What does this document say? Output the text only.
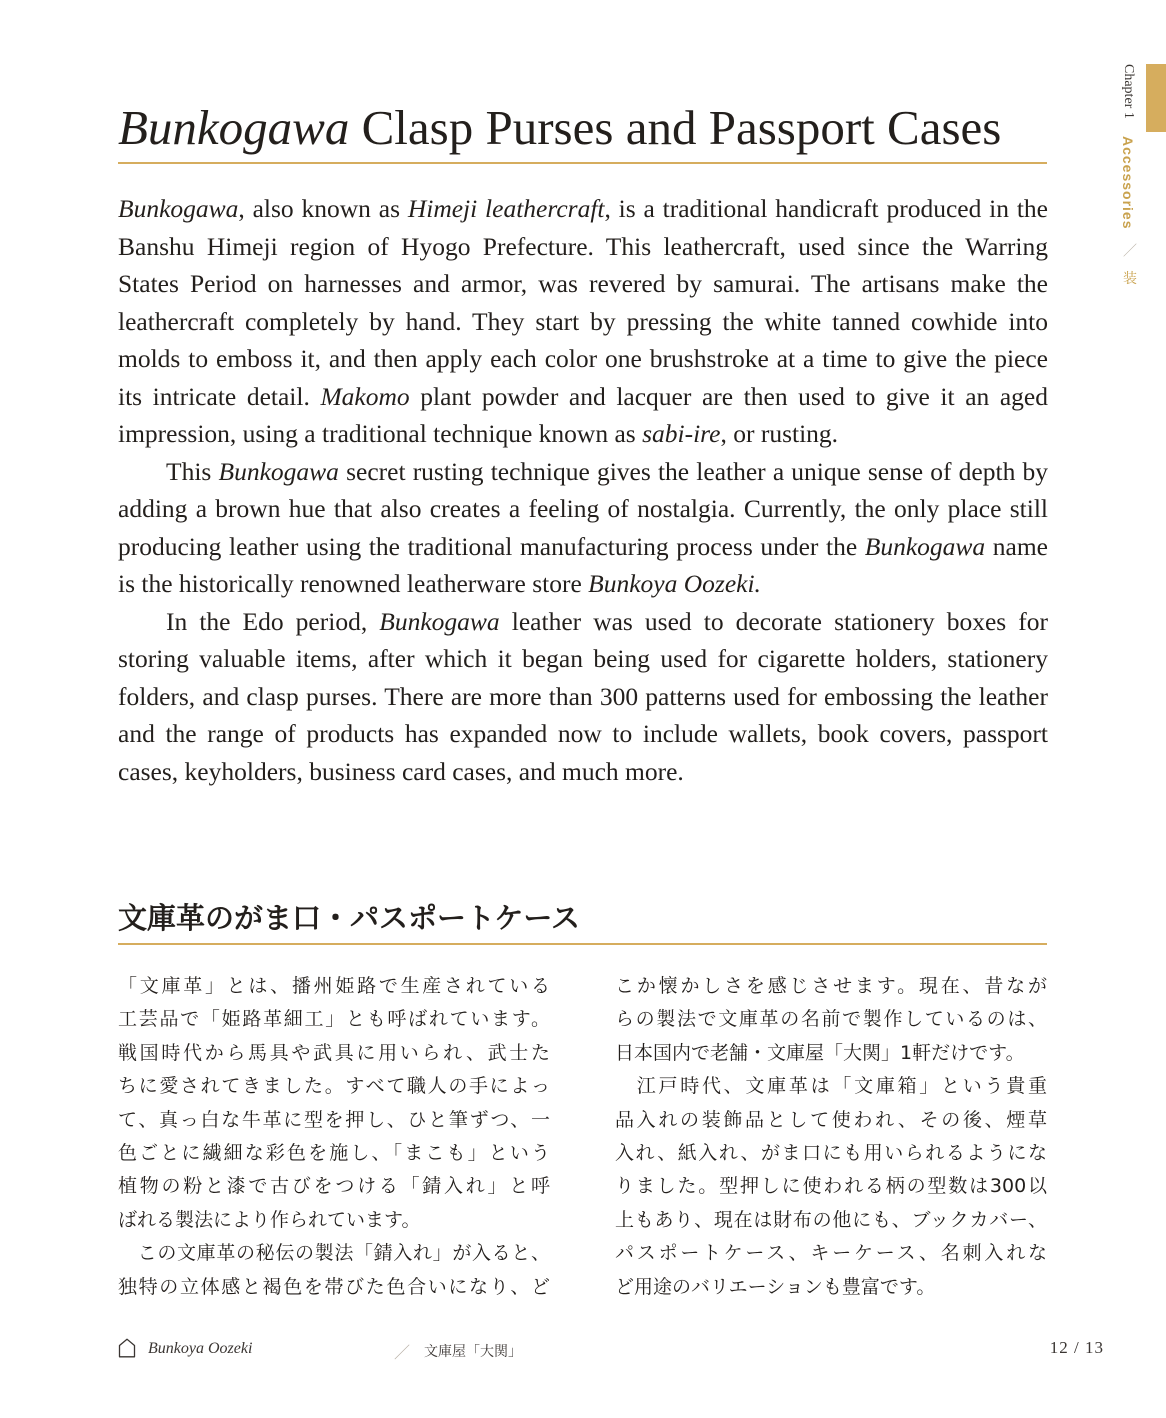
Chapter 1 Accessories ／ 装
Bunkogawa Clasp Purses and Passport Cases

Bunkogawa, also known as Himeji leathercraft, is a traditional handicraft produced in the Banshu Himeji region of Hyogo Prefecture. This leathercraft, used since the Warring States Period on harnesses and armor, was revered by samurai. The artisans make the leathercraft completely by hand. They start by pressing the white tanned cowhide into molds to emboss it, and then apply each color one brushstroke at a time to give the piece its intricate detail. Makomo plant powder and lacquer are then used to give it an aged impression, using a traditional technique known as sabi-ire, or rusting.

This Bunkogawa secret rusting technique gives the leather a unique sense of depth by adding a brown hue that also creates a feeling of nostalgia. Currently, the only place still producing leather using the traditional manufacturing process under the Bunkogawa name is the historically renowned leatherware store Bunkoya Oozeki.

In the Edo period, Bunkogawa leather was used to decorate stationery boxes for storing valuable items, after which it began being used for cigarette holders, stationery folders, and clasp purses. There are more than 300 patterns used for embossing the leather and the range of products has expanded now to include wallets, book covers, passport cases, keyholders, business card cases, and much more.

文庫革のがま口・パスポートケース
「文庫革」とは、播州姫路で生産されている
工芸品で「姫路革細工」とも呼ばれています。
戦国時代から馬具や武具に用いられ、武士た
ちに愛されてきました。すべて職人の手によっ
て、真っ白な牛革に型を押し、ひと筆ずつ、一
色ごとに繊細な彩色を施し、「まこも」という
植物の粉と漆で古びをつける「錆入れ」と呼
ばれる製法により作られています。
　この文庫革の秘伝の製法「錆入れ」が入ると、
独特の立体感と褐色を帯びた色合いになり、ど
こか懐かしさを感じさせます。現在、昔なが
らの製法で文庫革の名前で製作しているのは、
日本国内で老舗・文庫屋「大関」1軒だけです。
　江戸時代、文庫革は「文庫箱」という貴重
品入れの装飾品として使われ、その後、煙草
入れ、紙入れ、がま口にも用いられるようにな
りました。型押しに使われる柄の型数は300以
上もあり、現在は財布の他にも、ブックカバー、
パスポートケース、キーケース、名刺入れな
ど用途のバリエーションも豊富です。
Bunkoya Oozeki	／ 文庫屋「大関」	12 / 13
